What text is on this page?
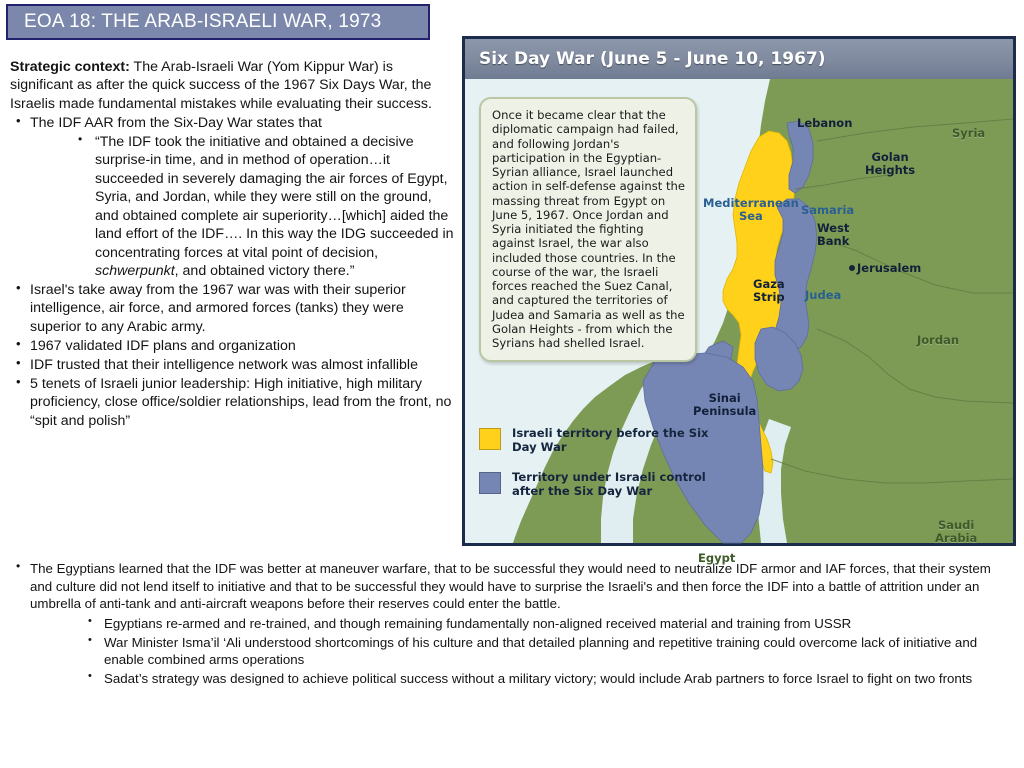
EOA 18: THE ARAB-ISRAELI WAR, 1973

Strategic context: The Arab-Israeli War (Yom Kippur War) is significant as after the quick success of the 1967 Six Days War, the Israelis made fundamental mistakes while evaluating their success.

• The IDF AAR from the Six-Day War states that
• “The IDF took the initiative and obtained a decisive surprise-in time, and in method of operation…it succeeded in severely damaging the air forces of Egypt, Syria, and Jordan, while they were still on the ground, and obtained complete air superiority…[which] aided the land effort of the IDF…. In this way the IDG succeeded in concentrating forces at vital point of decision, schwerpunkt, and obtained victory there.”
• Israel's take away from the 1967 war was with their superior intelligence, air force, and armored forces (tanks) they were superior to any Arabic army.
• 1967 validated IDF plans and organization
• IDF trusted that their intelligence network was almost infallible
• 5 tenets of Israeli junior leadership: High initiative, high military proficiency, close office/soldier relationships, lead from the front, no “spit and polish”
Six Day War (June 5 - June 10, 1967)
Once it became clear that the diplomatic campaign had failed, and following Jordan's participation in the Egyptian-Syrian alliance, Israel launched action in self-defense against the massing threat from Egypt on June 5, 1967. Once Jordan and Syria initiated the fighting against Israel, the war also included those countries. In the course of the war, the Israeli forces reached the Suez Canal, and captured the territories of Judea and Samaria as well as the Golan Heights - from which the Syrians had shelled Israel.
Lebanon
Syria
Golan
Heights
Mediterranean
Sea	Samaria
West
Bank
Jerusalem
Gaza
Strip Judea
Jordan
Sinai
Peninsula
Saudi
Arabia
Egypt
Israeli territory before the Six Day War
Territory under Israeli control after the Six Day War
• The Egyptians learned that the IDF was better at maneuver warfare, that to be successful they would need to neutralize IDF armor and IAF forces, that their system and culture did not lend itself to initiative and that to be successful they would have to surprise the Israeli's and then force the IDF into a battle of attrition under an umbrella of anti-tank and anti-aircraft weapons before their reserves could enter the battle.
• Egyptians re-armed and re-trained, and though remaining fundamentally non-aligned received material and training from USSR
• War Minister Isma’il ‘Ali understood shortcomings of his culture and that detailed planning and repetitive training could overcome lack of initiative and enable combined arms operations
• Sadat’s strategy was designed to achieve political success without a military victory; would include Arab partners to force Israel to fight on two fronts
